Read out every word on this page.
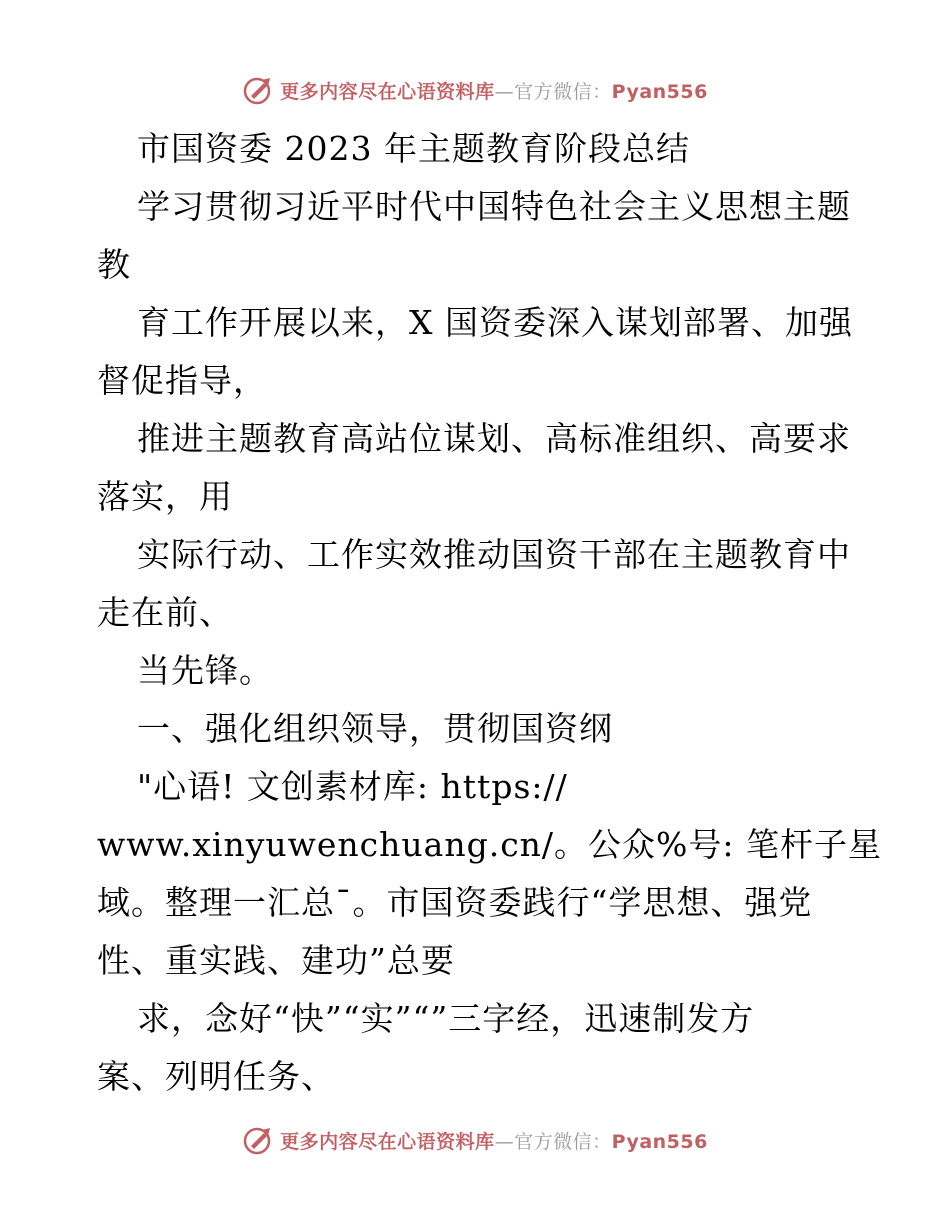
更多内容尽在心语资料库—官方微信：Pyan556
市国资委 2023 年主题教育阶段总结
学习贯彻习近平时代中国特色社会主义思想主题
教
育工作开展以来，X 国资委深入谋划部署、加强
督促指导，
推进主题教育高站位谋划、高标准组织、高要求
落实，用
实际行动、工作实效推动国资干部在主题教育中
走在前、
当先锋。
一、强化组织领导，贯彻国资纲
"心语! 文创素材库: https://
www.xinyuwenchuang.cn/。公众%号: 笔杆子星
域。整理一汇总¯。市国资委践行“学思想、强党
性、重实践、建功”总要
求，念好“快”“实”“”三字经，迅速制发方
案、列明任务、
更多内容尽在心语资料库—官方微信：Pyan556
